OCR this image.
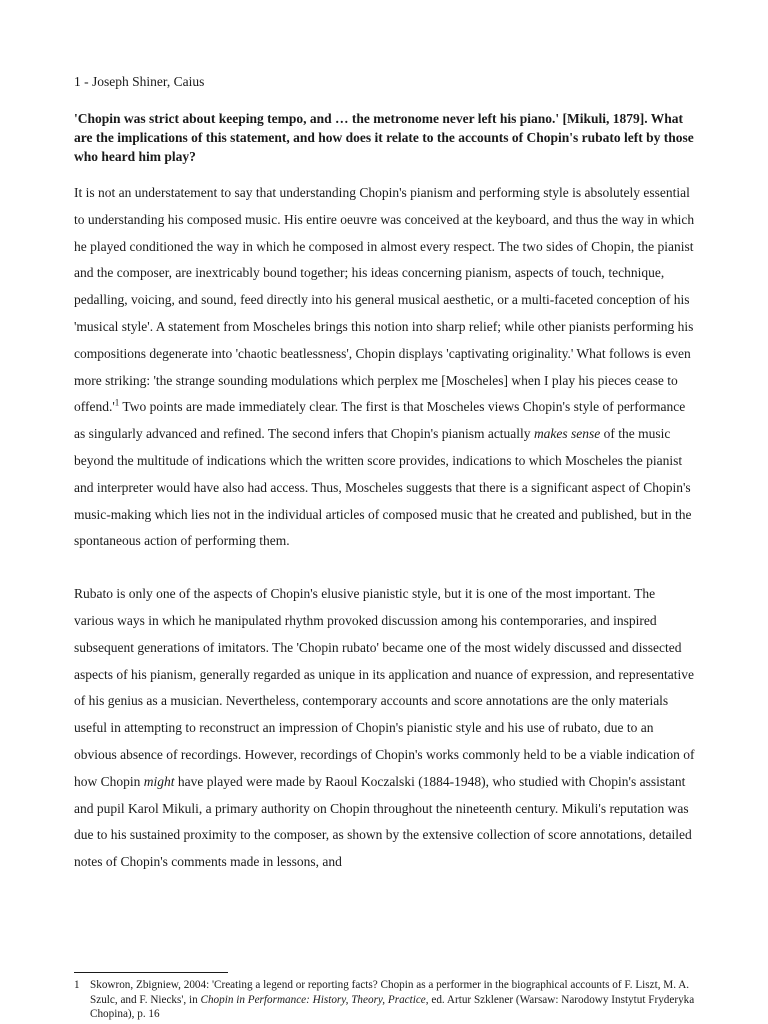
1 - Joseph Shiner, Caius
'Chopin was strict about keeping tempo, and … the metronome never left his piano.' [Mikuli, 1879]. What are the implications of this statement, and how does it relate to the accounts of Chopin's rubato left by those who heard him play?

It is not an understatement to say that understanding Chopin's pianism and performing style is absolutely essential to understanding his composed music. His entire oeuvre was conceived at the keyboard, and thus the way in which he played conditioned the way in which he composed in almost every respect. The two sides of Chopin, the pianist and the composer, are inextricably bound together; his ideas concerning pianism, aspects of touch, technique, pedalling, voicing, and sound, feed directly into his general musical aesthetic, or a multi-faceted conception of his 'musical style'. A statement from Moscheles brings this notion into sharp relief; while other pianists performing his compositions degenerate into 'chaotic beatlessness', Chopin displays 'captivating originality.' What follows is even more striking: 'the strange sounding modulations which perplex me [Moscheles] when I play his pieces cease to $offend.'^1$ Two points are made immediately clear. The first is that Moscheles views Chopin's style of performance as singularly advanced and refined. The second infers that Chopin's pianism actually makes sense of the music beyond the multitude of indications which the written score provides, indications to which Moscheles the pianist and interpreter would have also had access. Thus, Moscheles suggests that there is a significant aspect of Chopin's music-making which lies not in the individual articles of composed music that he created and published, but in the spontaneous action of performing them.

Rubato is only one of the aspects of Chopin's elusive pianistic style, but it is one of the most important. The various ways in which he manipulated rhythm provoked discussion among his contemporaries, and inspired subsequent generations of imitators. The 'Chopin rubato' became one of the most widely discussed and dissected aspects of his pianism, generally regarded as unique in its application and nuance of expression, and representative of his genius as a musician. Nevertheless, contemporary accounts and score annotations are the only materials useful in attempting to reconstruct an impression of Chopin's pianistic style and his use of rubato, due to an obvious absence of recordings. However, recordings of Chopin's works commonly held to be a viable indication of how Chopin might have played were made by Raoul Koczalski (1884-1948), who studied with Chopin's assistant and pupil Karol Mikuli, a primary authority on Chopin throughout the nineteenth century. Mikuli's reputation was due to his sustained proximity to the composer, as shown by the extensive collection of score annotations, detailed notes of Chopin's comments made in lessons, and

1 Skowron, Zbigniew, 2004: 'Creating a legend or reporting facts? Chopin as a performer in the biographical accounts of F. Liszt, M. A. Szulc, and F. Niecks', in Chopin in Performance: History, Theory, Practice, ed. Artur Szklener (Warsaw: Narodowy Instytut Fryderyka Chopina), p. 16
